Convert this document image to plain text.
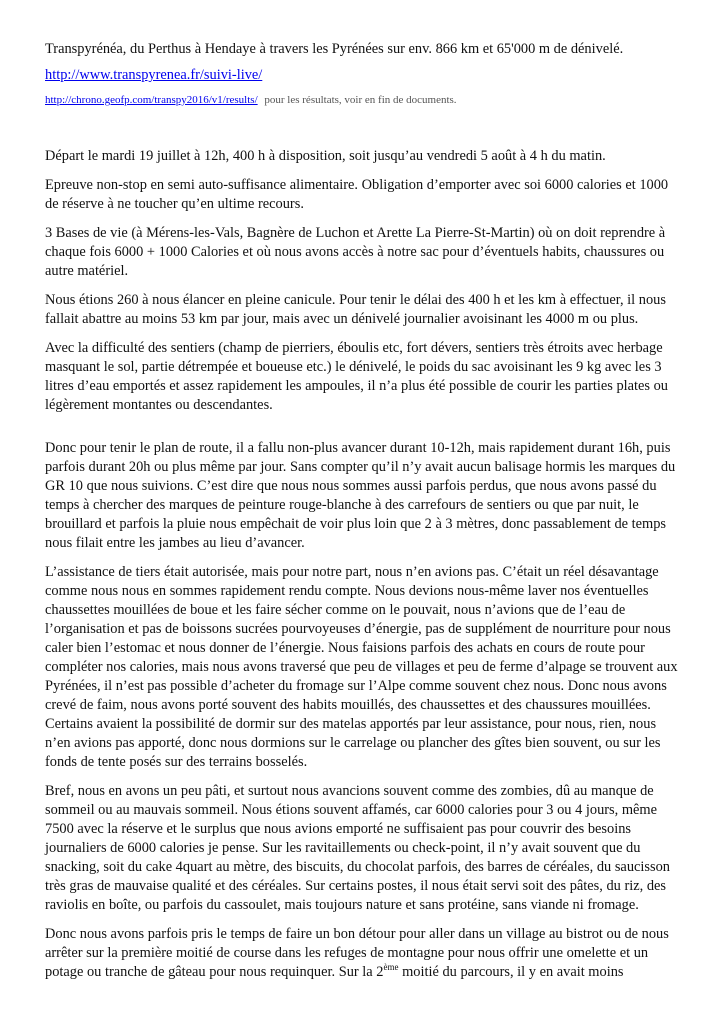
Transpyrénéa, du Perthus à Hendaye à travers les Pyrénées sur env. 866 km et 65'000 m de dénivelé.

http://www.transpyrenea.fr/suivi-live/
http://chrono.geofp.com/transpy2016/v1/results/ pour les résultats, voir en fin de documents.

Départ le mardi 19 juillet à 12h, 400 h à disposition, soit jusqu’au vendredi 5 août à 4 h du matin.

Epreuve non-stop en semi auto-suffisance alimentaire. Obligation d’emporter avec soi 6000 calories et 1000 de réserve à ne toucher qu’en ultime recours.

3 Bases de vie (à Mérens-les-Vals, Bagnère de Luchon et Arette La Pierre-St-Martin) où on doit reprendre à chaque fois 6000 + 1000 Calories et où nous avons accès à notre sac pour d’éventuels habits, chaussures ou autre matériel.

Nous étions 260 à nous élancer en pleine canicule. Pour tenir le délai des 400 h et les km à effectuer, il nous fallait abattre au moins 53 km par jour, mais avec un dénivelé journalier avoisinant les 4000 m ou plus.

Avec la difficulté des sentiers (champ de pierriers, éboulis etc, fort dévers, sentiers très étroits avec herbage masquant le sol, partie détrempée et boueuse etc.) le dénivelé, le poids du sac avoisinant les 9 kg avec les 3 litres d’eau emportés et assez rapidement les ampoules, il n’a plus été possible de courir les parties plates ou légèrement montantes ou descendantes.

Donc pour tenir le plan de route, il a fallu non-plus avancer durant 10-12h, mais rapidement durant 16h, puis parfois durant 20h ou plus même par jour. Sans compter qu’il n’y avait aucun balisage hormis les marques du GR 10 que nous suivions. C’est dire que nous nous sommes aussi parfois perdus, que nous avons passé du temps à chercher des marques de peinture rouge-blanche à des carrefours de sentiers ou que par nuit, le brouillard et parfois la pluie nous empêchait de voir plus loin que 2 à 3 mètres, donc passablement de temps nous filait entre les jambes au lieu d’avancer.

L’assistance de tiers était autorisée, mais pour notre part, nous n’en avions pas. C’était un réel désavantage comme nous nous en sommes rapidement rendu compte. Nous devions nous-même laver nos éventuelles chaussettes mouillées de boue et les faire sécher comme on le pouvait, nous n’avions que de l’eau de l’organisation et pas de boissons sucrées pourvoyeuses d’énergie, pas de supplément de nourriture pour nous caler bien l’estomac et nous donner de l’énergie. Nous faisions parfois des achats en cours de route pour compléter nos calories, mais nous avons traversé que peu de villages et peu de ferme d’alpage se trouvent aux Pyrénées, il n’est pas possible d’acheter du fromage sur l’Alpe comme souvent chez nous. Donc nous avons crevé de faim, nous avons porté souvent des habits mouillés, des chaussettes et des chaussures mouillées. Certains avaient la possibilité de dormir sur des matelas apportés par leur assistance, pour nous, rien, nous n’en avions pas apporté, donc nous dormions sur le carrelage ou plancher des gîtes bien souvent, ou sur les fonds de tente posés sur des terrains bosselés.

Bref, nous en avons un peu pâti, et surtout nous avancions souvent comme des zombies, dû au manque de sommeil ou au mauvais sommeil. Nous étions souvent affamés, car 6000 calories pour 3 ou 4 jours, même 7500 avec la réserve et le surplus que nous avions emporté ne suffisaient pas pour couvrir des besoins journaliers de 6000 calories je pense. Sur les ravitaillements ou check-point, il n’y avait souvent que du snacking, soit du cake 4quart au mètre, des biscuits, du chocolat parfois, des barres de céréales, du saucisson très gras de mauvaise qualité et des céréales. Sur certains postes, il nous était servi soit des pâtes, du riz, des raviolis en boîte, ou parfois du cassoulet, mais toujours nature et sans protéine, sans viande ni fromage.

Donc nous avons parfois pris le temps de faire un bon détour pour aller dans un village au bistrot ou de nous arrêter sur la première moitié de course dans les refuges de montagne pour nous offrir une omelette et un potage ou tranche de gâteau pour nous requinquer. Sur la 2ème moitié du parcours, il y en avait moins
